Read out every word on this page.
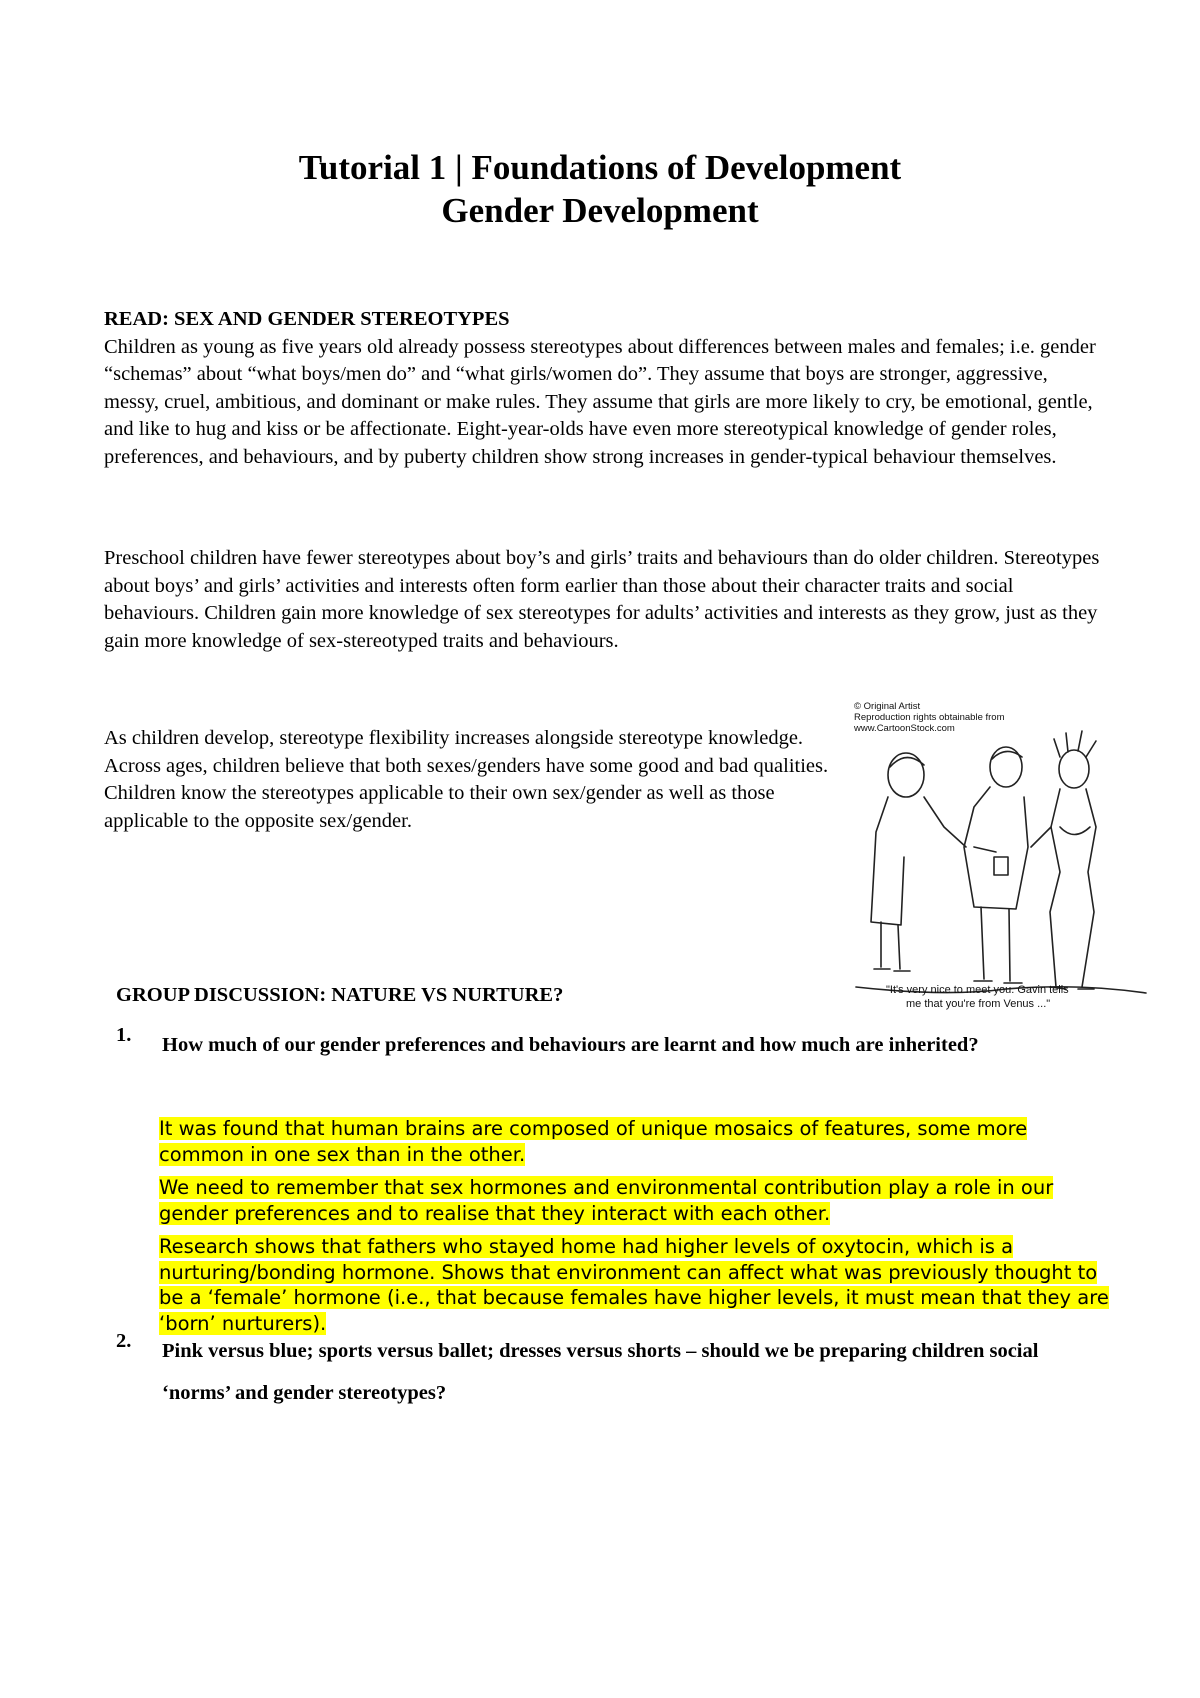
Tutorial 1 | Foundations of Development
Gender Development
READ: SEX AND GENDER STEREOTYPES
Children as young as five years old already possess stereotypes about differences between males and females; i.e. gender “schemas” about “what boys/men do” and “what girls/women do”. They assume that boys are stronger, aggressive, messy, cruel, ambitious, and dominant or make rules. They assume that girls are more likely to cry, be emotional, gentle, and like to hug and kiss or be affectionate. Eight-year-olds have even more stereotypical knowledge of gender roles, preferences, and behaviours, and by puberty children show strong increases in gender-typical behaviour themselves.
Preschool children have fewer stereotypes about boy’s and girls’ traits and behaviours than do older children. Stereotypes about boys’ and girls’ activities and interests often form earlier than those about their character traits and social behaviours. Children gain more knowledge of sex stereotypes for adults’ activities and interests as they grow, just as they gain more knowledge of sex-stereotyped traits and behaviours.
As children develop, stereotype flexibility increases alongside stereotype knowledge. Across ages, children believe that both sexes/genders have some good and bad qualities. Children know the stereotypes applicable to their own sex/gender as well as those applicable to the opposite sex/gender.
© Original Artist
Reproduction rights obtainable from
www.CartoonStock.com
"It's very nice to meet you. Gavin tells
me that you're from Venus ..."
GROUP DISCUSSION: NATURE VS NURTURE?
1. How much of our gender preferences and behaviours are learnt and how much are inherited?
It was found that human brains are composed of unique mosaics of features, some more common in one sex than in the other.
We need to remember that sex hormones and environmental contribution play a role in our gender preferences and to realise that they interact with each other.
Research shows that fathers who stayed home had higher levels of oxytocin, which is a nurturing/bonding hormone. Shows that environment can affect what was previously thought to be a ‘female’ hormone (i.e., that because females have higher levels, it must mean that they are ‘born’ nurturers).
2. Pink versus blue; sports versus ballet; dresses versus shorts – should we be preparing children social ‘norms’ and gender stereotypes?
